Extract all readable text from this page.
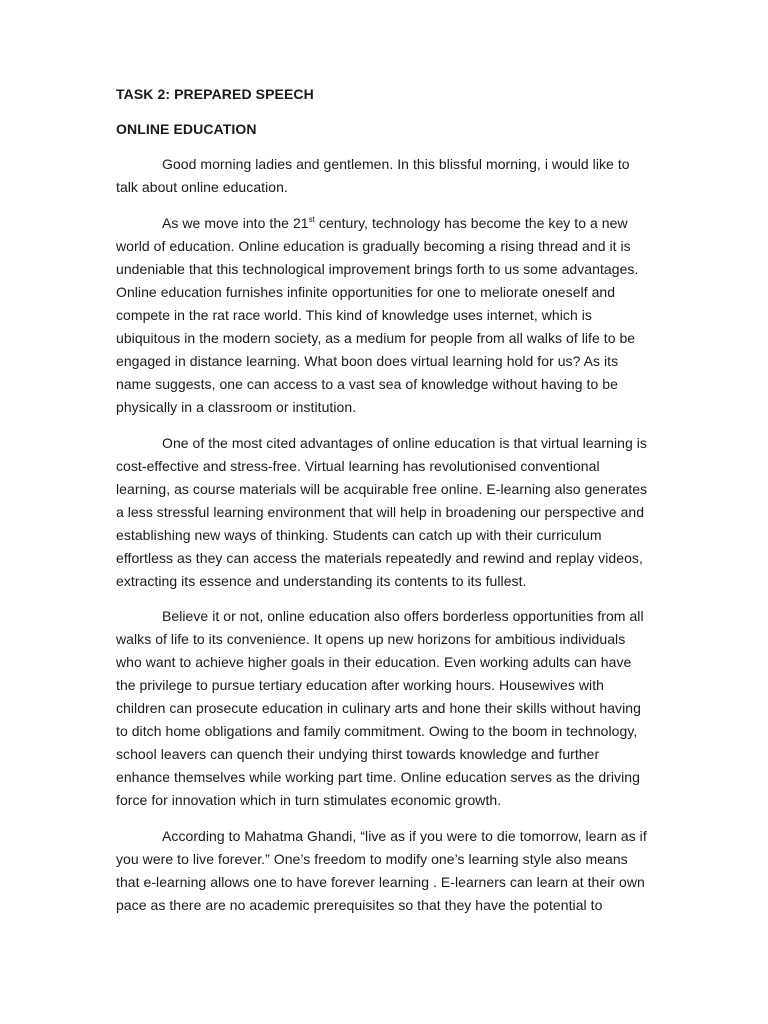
TASK 2: PREPARED SPEECH
ONLINE EDUCATION

Good morning ladies and gentlemen. In this blissful morning, i would like to
talk about online education.

As we move into the 21st century, technology has become the key to a new
world of education. Online education is gradually becoming a rising thread and it is
undeniable that this technological improvement brings forth to us some advantages.
Online education furnishes infinite opportunities for one to meliorate oneself and
compete in the rat race world. This kind of knowledge uses internet, which is
ubiquitous in the modern society, as a medium for people from all walks of life to be
engaged in distance learning. What boon does virtual learning hold for us? As its
name suggests, one can access to a vast sea of knowledge without having to be
physically in a classroom or institution.

One of the most cited advantages of online education is that virtual learning is
cost-effective and stress-free. Virtual learning has revolutionised conventional
learning, as course materials will be acquirable free online. E-learning also generates
a less stressful learning environment that will help in broadening our perspective and
establishing new ways of thinking. Students can catch up with their curriculum
effortless as they can access the materials repeatedly and rewind and replay videos,
extracting its essence and understanding its contents to its fullest.

Believe it or not, online education also offers borderless opportunities from all
walks of life to its convenience. It opens up new horizons for ambitious individuals
who want to achieve higher goals in their education. Even working adults can have
the privilege to pursue tertiary education after working hours. Housewives with
children can prosecute education in culinary arts and hone their skills without having
to ditch home obligations and family commitment. Owing to the boom in technology,
school leavers can quench their undying thirst towards knowledge and further
enhance themselves while working part time. Online education serves as the driving
force for innovation which in turn stimulates economic growth.

According to Mahatma Ghandi, “live as if you were to die tomorrow, learn as if
you were to live forever.” One’s freedom to modify one’s learning style also means
that e-learning allows one to have forever learning . E-learners can learn at their own
pace as there are no academic prerequisites so that they have the potential to
